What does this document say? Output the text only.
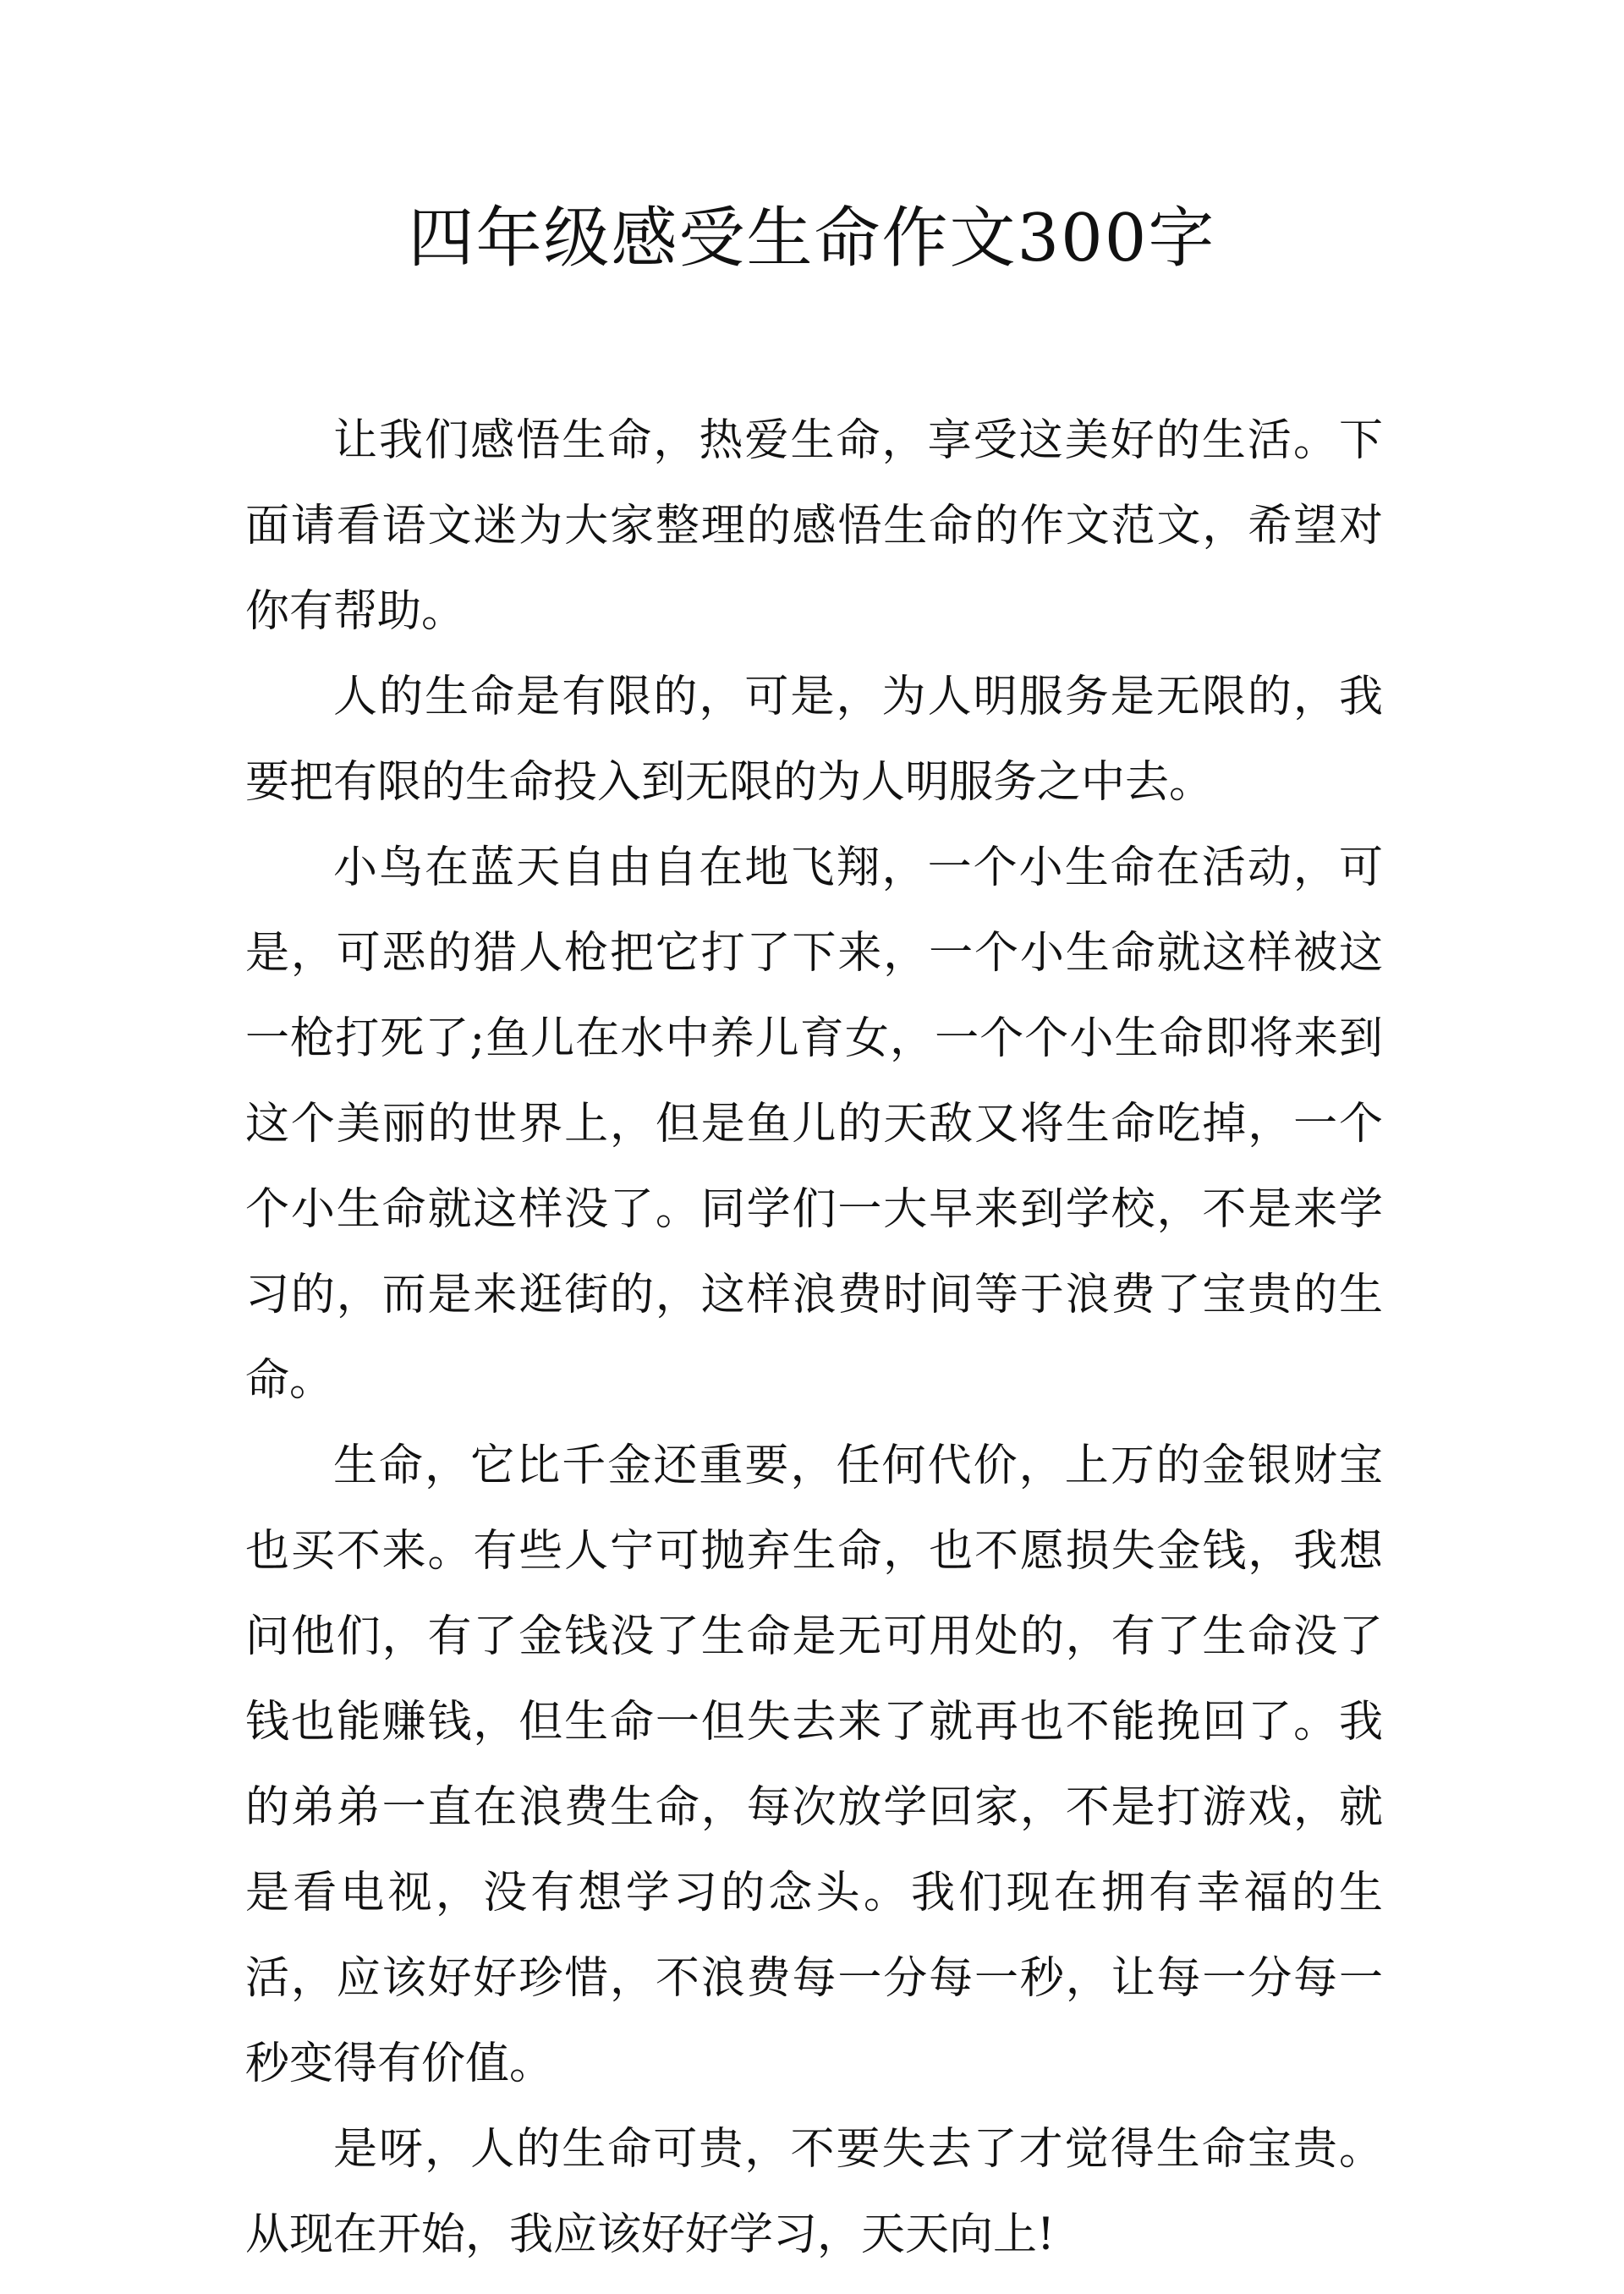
四年级感受生命作文300字

让我们感悟生命，热爱生命，享受这美好的生活。下面请看语文迷为大家整理的感悟生命的作文范文，希望对你有帮助。

人的生命是有限的，可是，为人明服务是无限的，我要把有限的生命投入到无限的为人明服务之中去。

小鸟在蓝天自由自在地飞翔，一个小生命在活动，可是，可恶的猎人枪把它打了下来，一个小生命就这样被这一枪打死了;鱼儿在水中养儿育女，一个个小生命即将来到这个美丽的世界上，但是鱼儿的天敌又将生命吃掉，一个个小生命就这样没了。同学们一大早来到学校，不是来学习的，而是来逛街的，这样浪费时间等于浪费了宝贵的生命。

生命，它比千金还重要，任何代价，上万的金银财宝也买不来。有些人宁可抛弃生命，也不愿损失金钱，我想问他们，有了金钱没了生命是无可用处的，有了生命没了钱也能赚钱，但生命一但失去来了就再也不能挽回了。我的弟弟一直在浪费生命，每次放学回家，不是打游戏，就是看电视，没有想学习的念头。我们现在拥有幸福的生活，应该好好珍惜，不浪费每一分每一秒，让每一分每一秒变得有价值。

是呀，人的生命可贵，不要失去了才觉得生命宝贵。从现在开始，我应该好好学习，天天向上!
